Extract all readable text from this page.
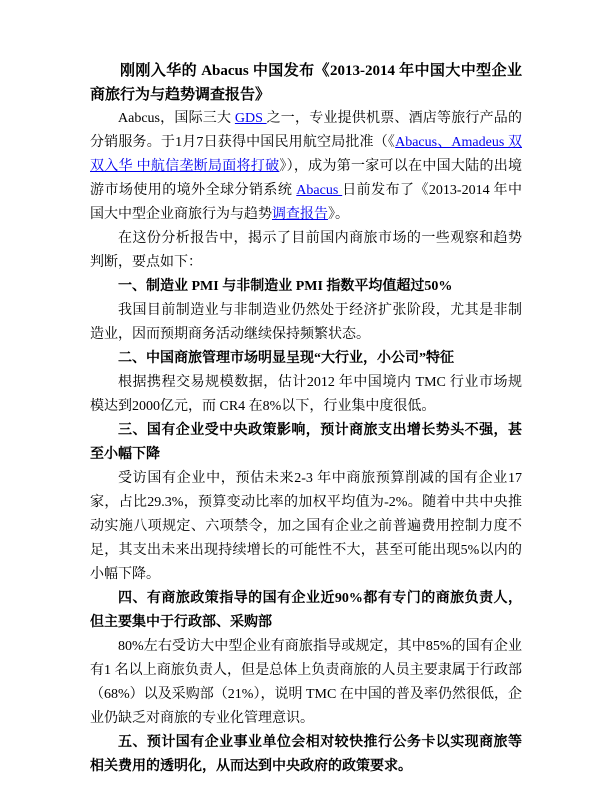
刚刚入华的 Abacus 中国发布《2013-2014 年中国大中型企业商旅行为与趋势调查报告》

Aabcus，国际三大 GDS 之一，专业提供机票、酒店等旅行产品的分销服务。于1月7日获得中国民用航空局批准（《Abacus、Amadeus 双双入华 中航信垄断局面将打破》），成为第一家可以在中国大陆的出境游市场使用的境外全球分销系统 Abacus 日前发布了《2013-2014 年中国大中型企业商旅行为与趋势调查报告》。

在这份分析报告中，揭示了目前国内商旅市场的一些观察和趋势判断，要点如下：

一、制造业 PMI 与非制造业 PMI 指数平均值超过50%

我国目前制造业与非制造业仍然处于经济扩张阶段，尤其是非制造业，因而预期商务活动继续保持频繁状态。

二、中国商旅管理市场明显呈现“大行业，小公司”特征

根据携程交易规模数据，估计2012 年中国境内 TMC 行业市场规模达到2000亿元，而 CR4 在8%以下，行业集中度很低。

三、国有企业受中央政策影响，预计商旅支出增长势头不强，甚至小幅下降

受访国有企业中，预估未来2-3 年中商旅预算削减的国有企业17 家，占比29.3%，预算变动比率的加权平均值为-2%。随着中共中央推动实施八项规定、六项禁令，加之国有企业之前普遍费用控制力度不足，其支出未来出现持续增长的可能性不大，甚至可能出现5%以内的小幅下降。

四、有商旅政策指导的国有企业近90%都有专门的商旅负责人，但主要集中于行政部、采购部

80%左右受访大中型企业有商旅指导或规定，其中85%的国有企业有1 名以上商旅负责人，但是总体上负责商旅的人员主要隶属于行政部（68%）以及采购部（21%），说明 TMC 在中国的普及率仍然很低，企业仍缺乏对商旅的专业化管理意识。

五、预计国有企业事业单位会相对较快推行公务卡以实现商旅等相关费用的透明化，从而达到中央政府的政策要求。
